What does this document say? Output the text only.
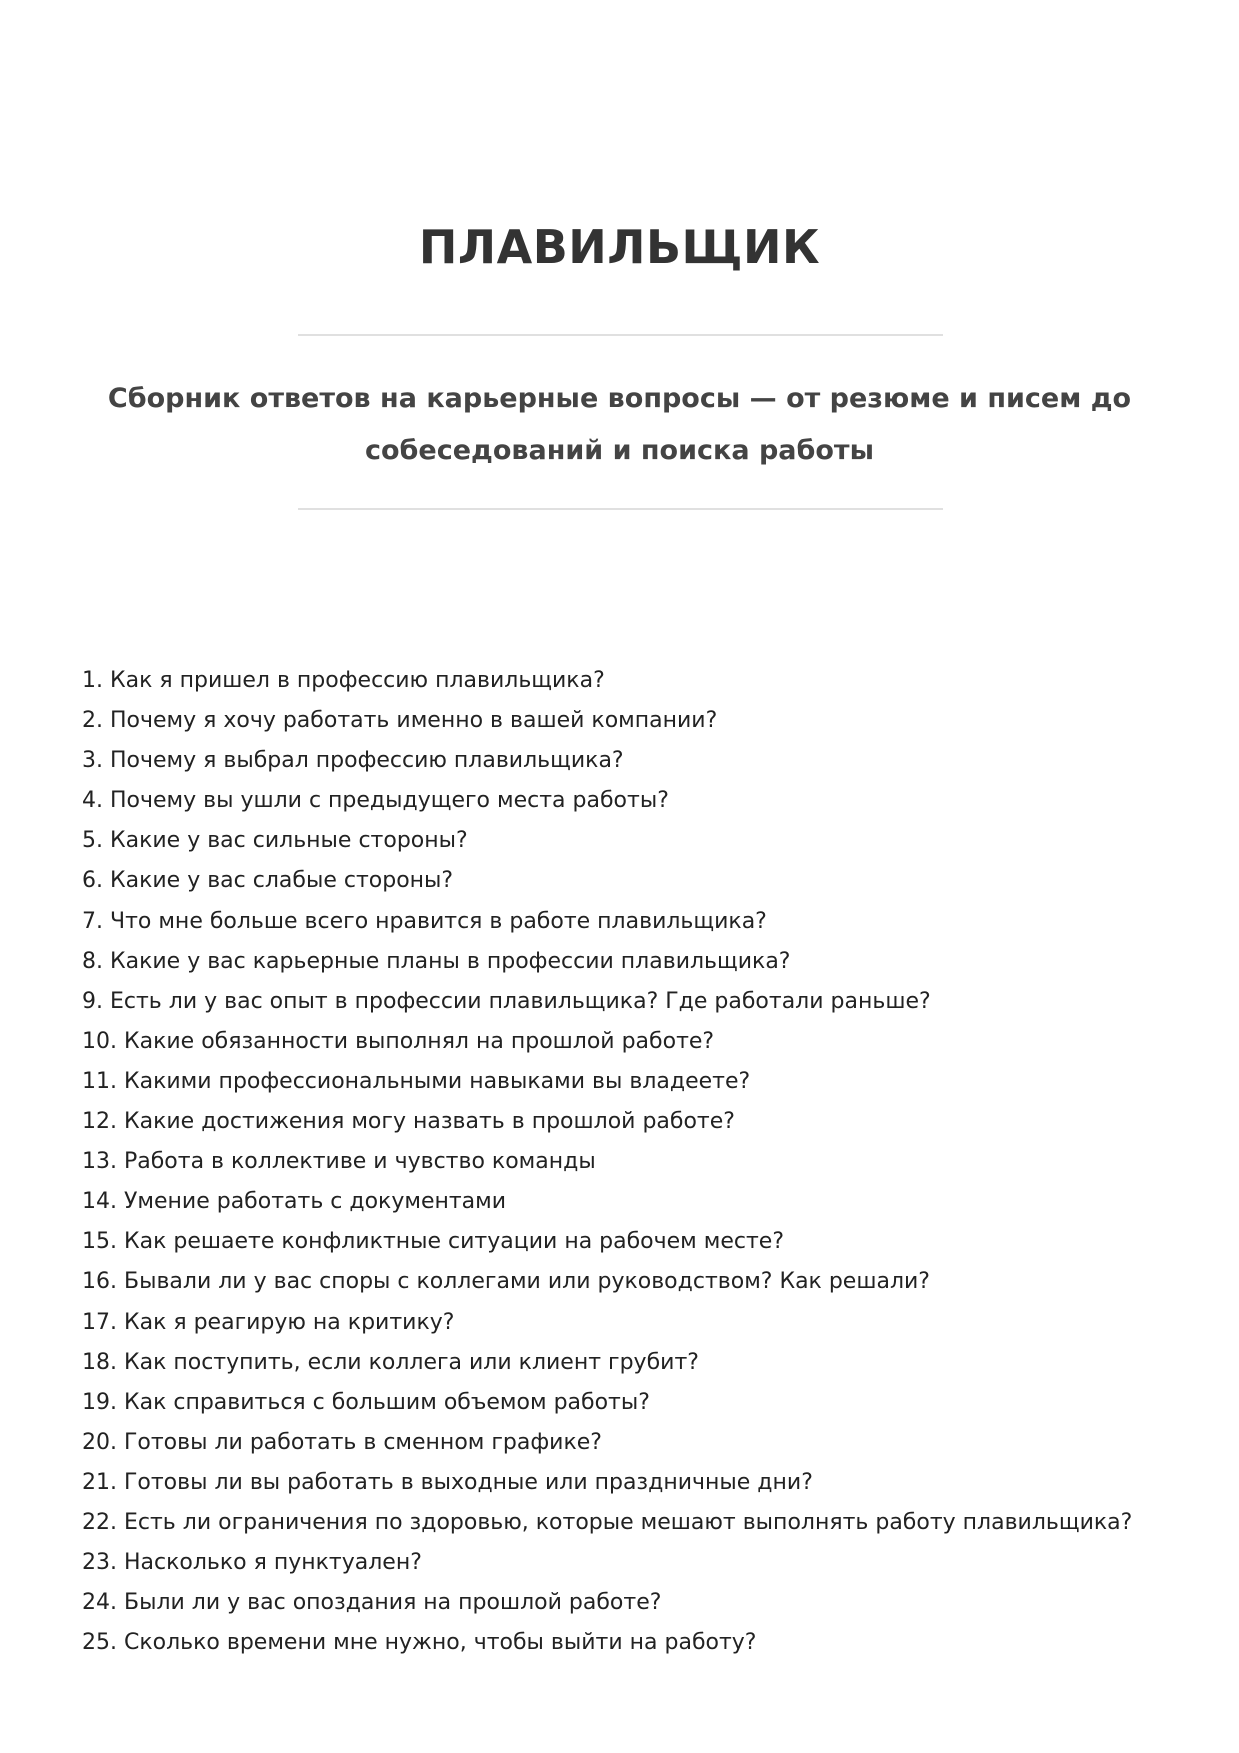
ПЛАВИЛЬЩИК
Сборник ответов на карьерные вопросы — от резюме и писем до собеседований и поиска работы
1. Как я пришел в профессию плавильщика?
2. Почему я хочу работать именно в вашей компании?
3. Почему я выбрал профессию плавильщика?
4. Почему вы ушли с предыдущего места работы?
5. Какие у вас сильные стороны?
6. Какие у вас слабые стороны?
7. Что мне больше всего нравится в работе плавильщика?
8. Какие у вас карьерные планы в профессии плавильщика?
9. Есть ли у вас опыт в профессии плавильщика? Где работали раньше?
10. Какие обязанности выполнял на прошлой работе?
11. Какими профессиональными навыками вы владеете?
12. Какие достижения могу назвать в прошлой работе?
13. Работа в коллективе и чувство команды
14. Умение работать с документами
15. Как решаете конфликтные ситуации на рабочем месте?
16. Бывали ли у вас споры с коллегами или руководством? Как решали?
17. Как я реагирую на критику?
18. Как поступить, если коллега или клиент грубит?
19. Как справиться с большим объемом работы?
20. Готовы ли работать в сменном графике?
21. Готовы ли вы работать в выходные или праздничные дни?
22. Есть ли ограничения по здоровью, которые мешают выполнять работу плавильщика?
23. Насколько я пунктуален?
24. Были ли у вас опоздания на прошлой работе?
25. Сколько времени мне нужно, чтобы выйти на работу?
